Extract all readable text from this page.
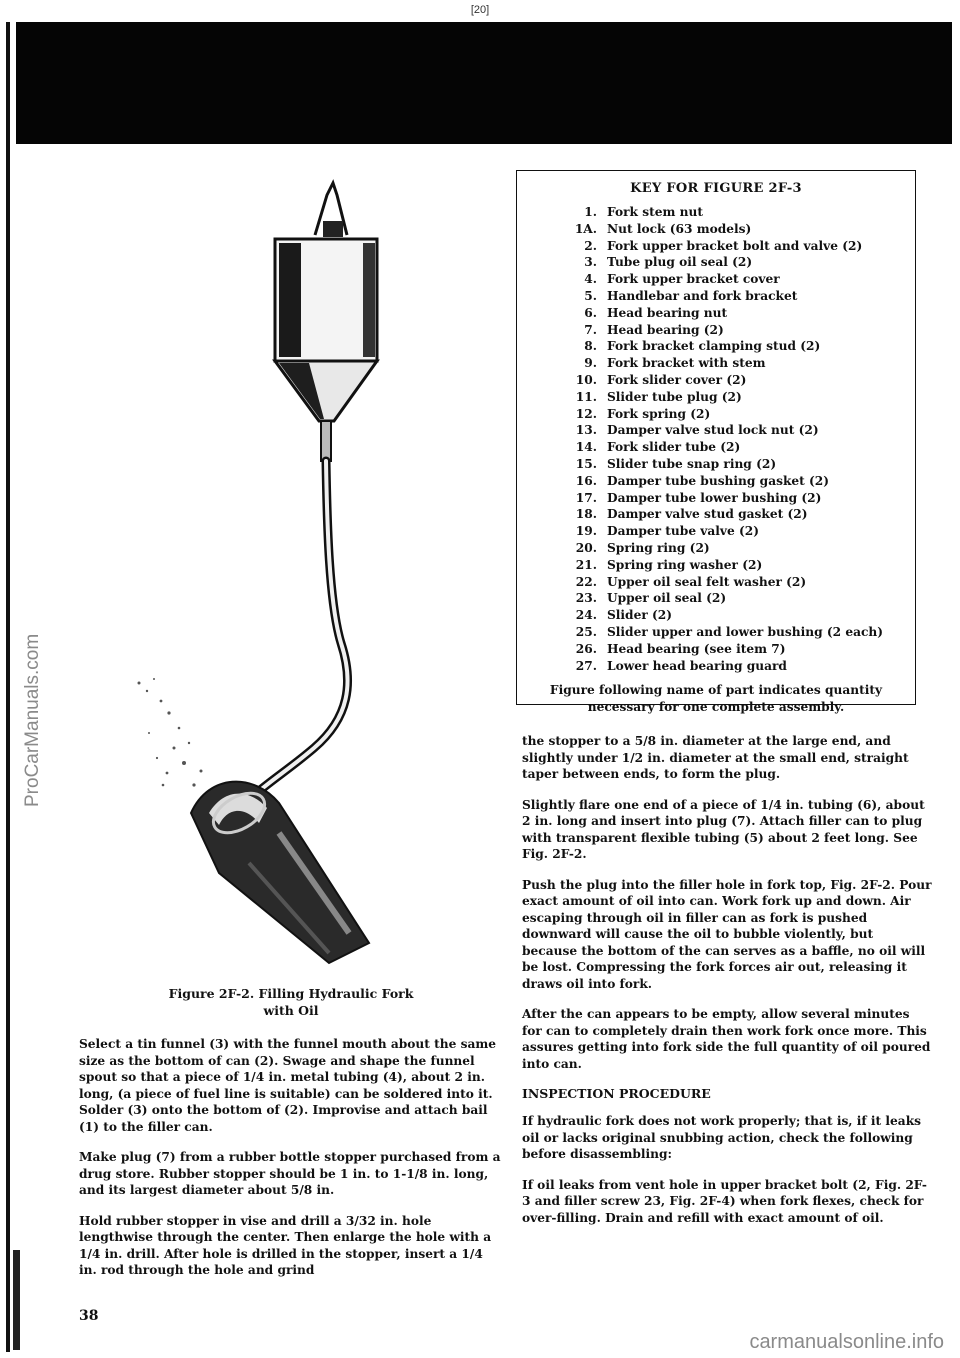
[20]
ProCarManuals.com
Figure 2F-2. Filling Hydraulic Fork
with Oil

Select a tin funnel (3) with the funnel mouth about the same size as the bottom of can (2). Swage and shape the funnel spout so that a piece of 1/4 in. metal tubing (4), about 2 in. long, (a piece of fuel line is suitable) can be soldered into it. Solder (3) onto the bottom of (2). Improvise and attach bail (1) to the filler can.

Make plug (7) from a rubber bottle stopper purchased from a drug store. Rubber stopper should be 1 in. to 1-1/8 in. long, and its largest diameter about 5/8 in.

Hold rubber stopper in vise and drill a 3/32 in. hole lengthwise through the center. Then enlarge the hole with a 1/4 in. drill. After hole is drilled in the stopper, insert a 1/4 in. rod through the hole and grind

KEY FOR FIGURE 2F-3
1. Fork stem nut
1A. Nut lock (63 models)
2. Fork upper bracket bolt and valve (2)
3. Tube plug oil seal (2)
4. Fork upper bracket cover
5. Handlebar and fork bracket
6. Head bearing nut
7. Head bearing (2)
8. Fork bracket clamping stud (2)
9. Fork bracket with stem
10. Fork slider cover (2)
11. Slider tube plug (2)
12. Fork spring (2)
13. Damper valve stud lock nut (2)
14. Fork slider tube (2)
15. Slider tube snap ring (2)
16. Damper tube bushing gasket (2)
17. Damper tube lower bushing (2)
18. Damper valve stud gasket (2)
19. Damper tube valve (2)
20. Spring ring (2)
21. Spring ring washer (2)
22. Upper oil seal felt washer (2)
23. Upper oil seal (2)
24. Slider (2)
25. Slider upper and lower bushing (2 each)
26. Head bearing (see item 7)
27. Lower head bearing guard
Figure following name of part indicates quantity necessary for one complete assembly.

the stopper to a 5/8 in. diameter at the large end, and slightly under 1/2 in. diameter at the small end, straight taper between ends, to form the plug.

Slightly flare one end of a piece of 1/4 in. tubing (6), about 2 in. long and insert into plug (7). Attach filler can to plug with transparent flexible tubing (5) about 2 feet long. See Fig. 2F-2.

Push the plug into the filler hole in fork top, Fig. 2F-2. Pour exact amount of oil into can. Work fork up and down. Air escaping through oil in filler can as fork is pushed downward will cause the oil to bubble violently, but because the bottom of the can serves as a baffle, no oil will be lost. Compressing the fork forces air out, releasing it draws oil into fork.

After the can appears to be empty, allow several minutes for can to completely drain then work fork once more. This assures getting into fork side the full quantity of oil poured into can.

INSPECTION PROCEDURE

If hydraulic fork does not work properly; that is, if it leaks oil or lacks original snubbing action, check the following before disassembling:

If oil leaks from vent hole in upper bracket bolt (2, Fig. 2F-3 and filler screw 23, Fig. 2F-4) when fork flexes, check for over-filling. Drain and refill with exact amount of oil.

38
carmanualsonline.info
